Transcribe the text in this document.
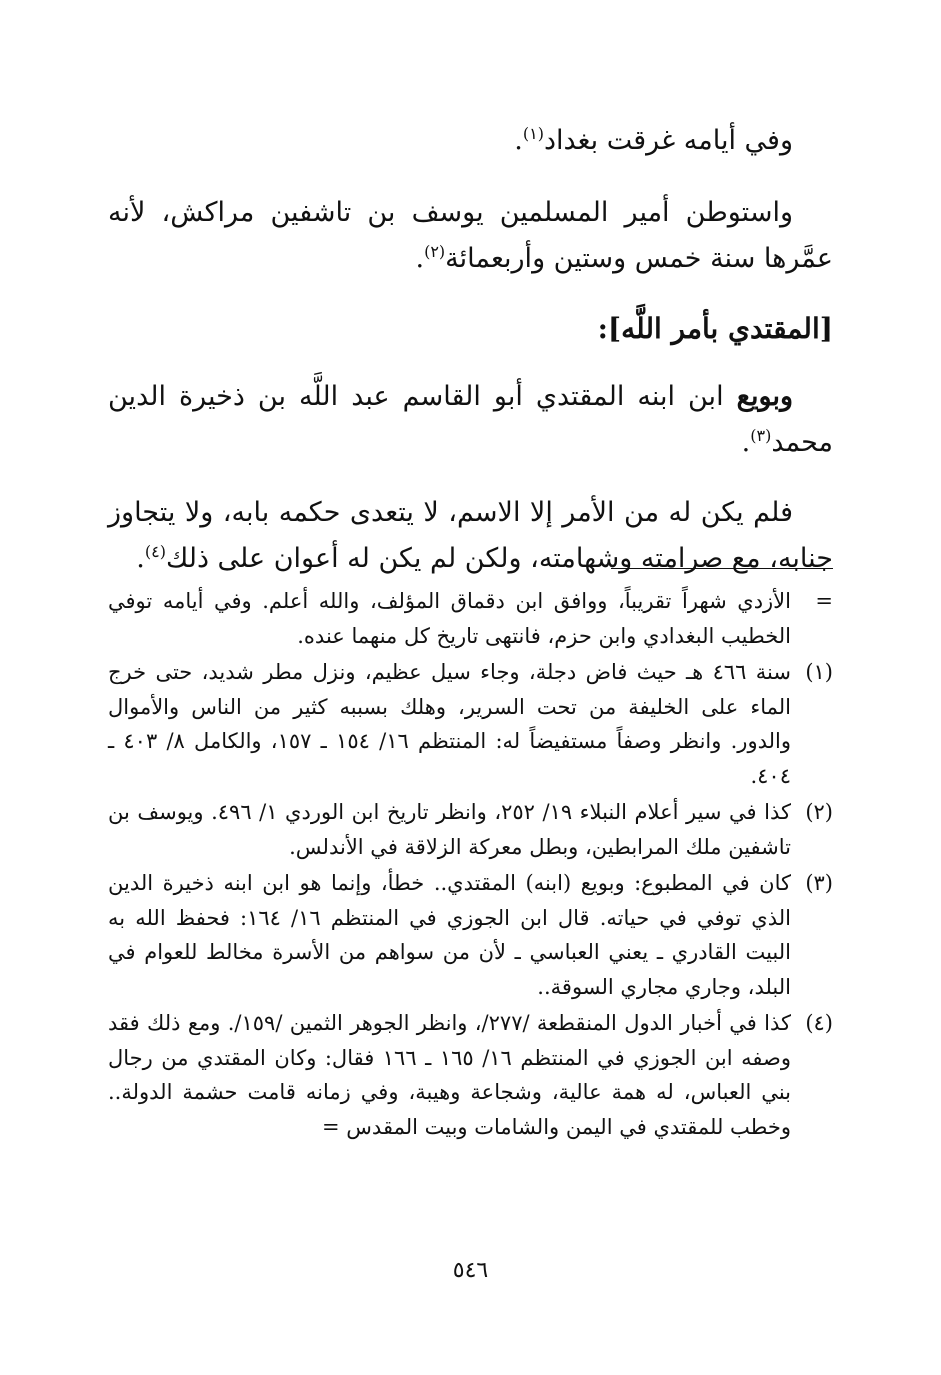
وفي أيامه غرقت بغداد$^{(١)}$.

واستوطن أمير المسلمين يوسف بن تاشفين مراكش، لأنه عمَّرها سنة خمس وستين وأربعمائة$^{(٢)}$.

[المقتدي بأمر اللَّه]:

وبويع ابن ابنه المقتدي أبو القاسم عبد اللَّه بن ذخيرة الدين محمد$^{(٣)}$.

فلم يكن له من الأمر إلا الاسم، لا يتعدى حكمه بابه، ولا يتجاوز جنابه، مع صرامته وشهامته، ولكن لم يكن له أعوان على ذلك$^{(٤)}$.

=
الأزدي شهراً تقريباً، ووافق ابن دقماق المؤلف، والله أعلم. وفي أيامه توفي الخطيب البغدادي وابن حزم، فانتهى تاريخ كل منهما عنده.
(١)
سنة ٤٦٦ هـ حيث فاض دجلة، وجاء سيل عظيم، ونزل مطر شديد، حتى خرج الماء على الخليفة من تحت السرير، وهلك بسببه كثير من الناس والأموال والدور. وانظر وصفاً مستفيضاً له: المنتظم ١٦/ ١٥٤ ـ ١٥٧، والكامل ٨/ ٤٠٣ ـ ٤٠٤.
(٢)
كذا في سير أعلام النبلاء ١٩/ ٢٥٢، وانظر تاريخ ابن الوردي ١/ ٤٩٦. ويوسف بن تاشفين ملك المرابطين، وبطل معركة الزلاقة في الأندلس.
(٣)
كان في المطبوع: وبويع (ابنه) المقتدي.. خطأ، وإنما هو ابن ابنه ذخيرة الدين الذي توفي في حياته. قال ابن الجوزي في المنتظم ١٦/ ١٦٤: فحفظ الله به البيت القادري ـ يعني العباسي ـ لأن من سواهم من الأسرة مخالط للعوام في البلد، وجاري مجاري السوقة..
(٤)
كذا في أخبار الدول المنقطعة /٢٧٧/، وانظر الجوهر الثمين /١٥٩/. ومع ذلك فقد وصفه ابن الجوزي في المنتظم ١٦/ ١٦٥ ـ ١٦٦ فقال: وكان المقتدي من رجال بني العباس، له همة عالية، وشجاعة وهيبة، وفي زمانه قامت حشمة الدولة.. وخطب للمقتدي في اليمن والشامات وبيت المقدس =
٥٤٦
